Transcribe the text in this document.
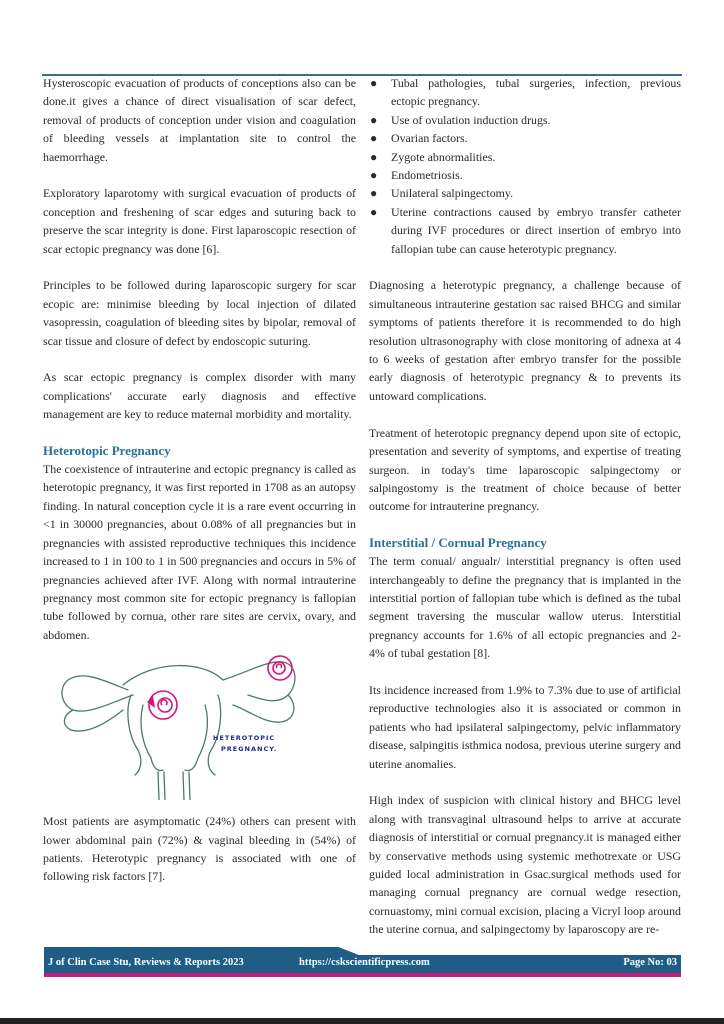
Hysteroscopic evacuation of products of conceptions also can be done.it gives a chance of direct visualisation of scar defect, removal of products of conception under vision and coagulation of bleeding vessels at implantation site to control the haemorrhage.

Exploratory laparotomy with surgical evacuation of products of conception and freshening of scar edges and suturing back to preserve the scar integrity is done. First laparoscopic resection of scar ectopic pregnancy was done [6].

Principles to be followed during laparoscopic surgery for scar ecopic are: minimise bleeding by local injection of dilated vasopressin, coagulation of bleeding sites by bipolar, removal of scar tissue and closure of defect by endoscopic suturing.

As scar ectopic pregnancy is complex disorder with many complications' accurate early diagnosis and effective management are key to reduce maternal morbidity and mortality.

Heterotopic Pregnancy

The coexistence of intrauterine and ectopic pregnancy is called as heterotopic pregnancy, it was first reported in 1708 as an autopsy finding. In natural conception cycle it is a rare event occurring in <1 in 30000 pregnancies, about 0.08% of all pregnancies but in pregnancies with assisted reproductive techniques this incidence increased to 1 in 100 to 1 in 500 pregnancies and occurs in 5% of pregnancies achieved after IVF. Along with normal intrauterine pregnancy most common site for ectopic pregnancy is fallopian tube followed by cornua, other rare sites are cervix, ovary, and abdomen.

HETEROTOPIC
PREGNANCY.

Most patients are asymptomatic (24%) others can present with lower abdominal pain (72%) & vaginal bleeding in (54%) of patients. Heterotypic pregnancy is associated with one of following risk factors [7].

● Tubal pathologies, tubal surgeries, infection, previous ectopic pregnancy.
● Use of ovulation induction drugs.
● Ovarian factors.
● Zygote abnormalities.
● Endometriosis.
● Unilateral salpingectomy.
● Uterine contractions caused by embryo transfer catheter during IVF procedures or direct insertion of embryo into fallopian tube can cause heterotypic pregnancy.

Diagnosing a heterotypic pregnancy, a challenge because of simultaneous intrauterine gestation sac raised BHCG and similar symptoms of patients therefore it is recommended to do high resolution ultrasonography with close monitoring of adnexa at 4 to 6 weeks of gestation after embryo transfer for the possible early diagnosis of heterotypic pregnancy & to prevents its untoward complications.

Treatment of heterotopic pregnancy depend upon site of ectopic, presentation and severity of symptoms, and expertise of treating surgeon. in today's time laparoscopic salpingectomy or salpingostomy is the treatment of choice because of better outcome for intrauterine pregnancy.

Interstitial / Cornual Pregnancy

The term conual/ angualr/ interstitial pregnancy is often used interchangeably to define the pregnancy that is implanted in the interstitial portion of fallopian tube which is defined as the tubal segment traversing the muscular wallow uterus. Interstitial pregnancy accounts for 1.6% of all ectopic pregnancies and 2- 4% of tubal gestation [8].

Its incidence increased from 1.9% to 7.3% due to use of artificial reproductive technologies also it is associated or common in patients who had ipsilateral salpingectomy, pelvic inflammatory disease, salpingitis isthmica nodosa, previous uterine surgery and uterine anomalies.

High index of suspicion with clinical history and BHCG level along with transvaginal ultrasound helps to arrive at accurate diagnosis of interstitial or cornual pregnancy.it is managed either by conservative methods using systemic methotrexate or USG guided local administration in Gsac.surgical methods used for managing cornual pregnancy are cornual wedge resection, cornuastomy, mini cornual excision, placing a Vicryl loop around the uterine cornua, and salpingectomy by laparoscopy are re-

J of Clin Case Stu, Reviews & Reports 2023	https://cskscientificpress.com	Page No: 03
